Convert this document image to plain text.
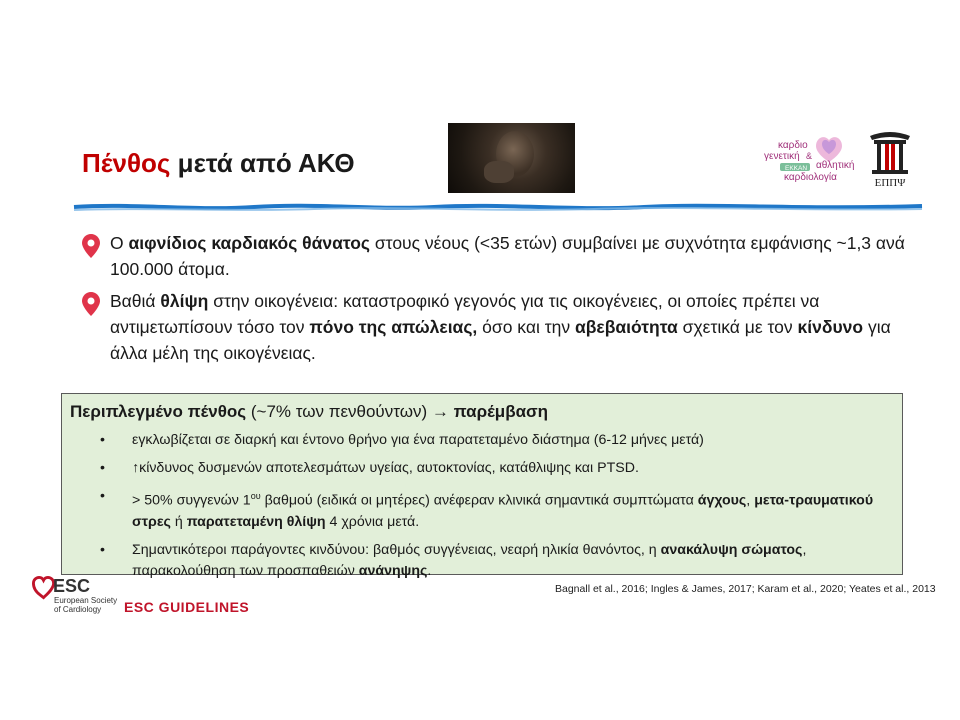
Πένθος μετά από ΑΚΘ
καρδιο
γενετική &
αθλητική
ΕΚΚΑΝ
καρδιολογία	ΕΠΠΨ
Ο αιφνίδιος καρδιακός θάνατος στους νέους (<35 ετών) συμβαίνει με συχνότητα εμφάνισης ~1,3 ανά 100.000 άτομα.
Βαθιά θλίψη στην οικογένεια: καταστροφικό γεγονός για τις οικογένειες, οι οποίες πρέπει να αντιμετωπίσουν τόσο τον πόνο της απώλειας, όσο και την αβεβαιότητα σχετικά με τον κίνδυνο για άλλα μέλη της οικογένειας.
Περιπλεγμένο πένθος (~7% των πενθούντων) → παρέμβαση
• εγκλωβίζεται σε διαρκή και έντονο θρήνο για ένα παρατεταμένο διάστημα (6-12 μήνες μετά)
• ↑κίνδυνος δυσμενών αποτελεσμάτων υγείας, αυτοκτονίας, κατάθλιψης και PTSD.
• > 50% συγγενών $1^{o\upsilon}$ βαθμού (ειδικά οι μητέρες) ανέφεραν κλινικά σημαντικά συμπτώματα άγχους, μετα-τραυματικού στρες ή παρατεταμένη θλίψη 4 χρόνια μετά.
• Σημαντικότεροι παράγοντες κινδύνου: βαθμός συγγένειας, νεαρή ηλικία θανόντος, η ανακάλυψη σώματος, παρακολούθηση των προσπαθειών ανάνηψης.
ESC
European Society of Cardiology	ESC GUIDELINES
Bagnall et al., 2016; Ingles & James, 2017; Karam et al., 2020; Yeates et al., 2013
